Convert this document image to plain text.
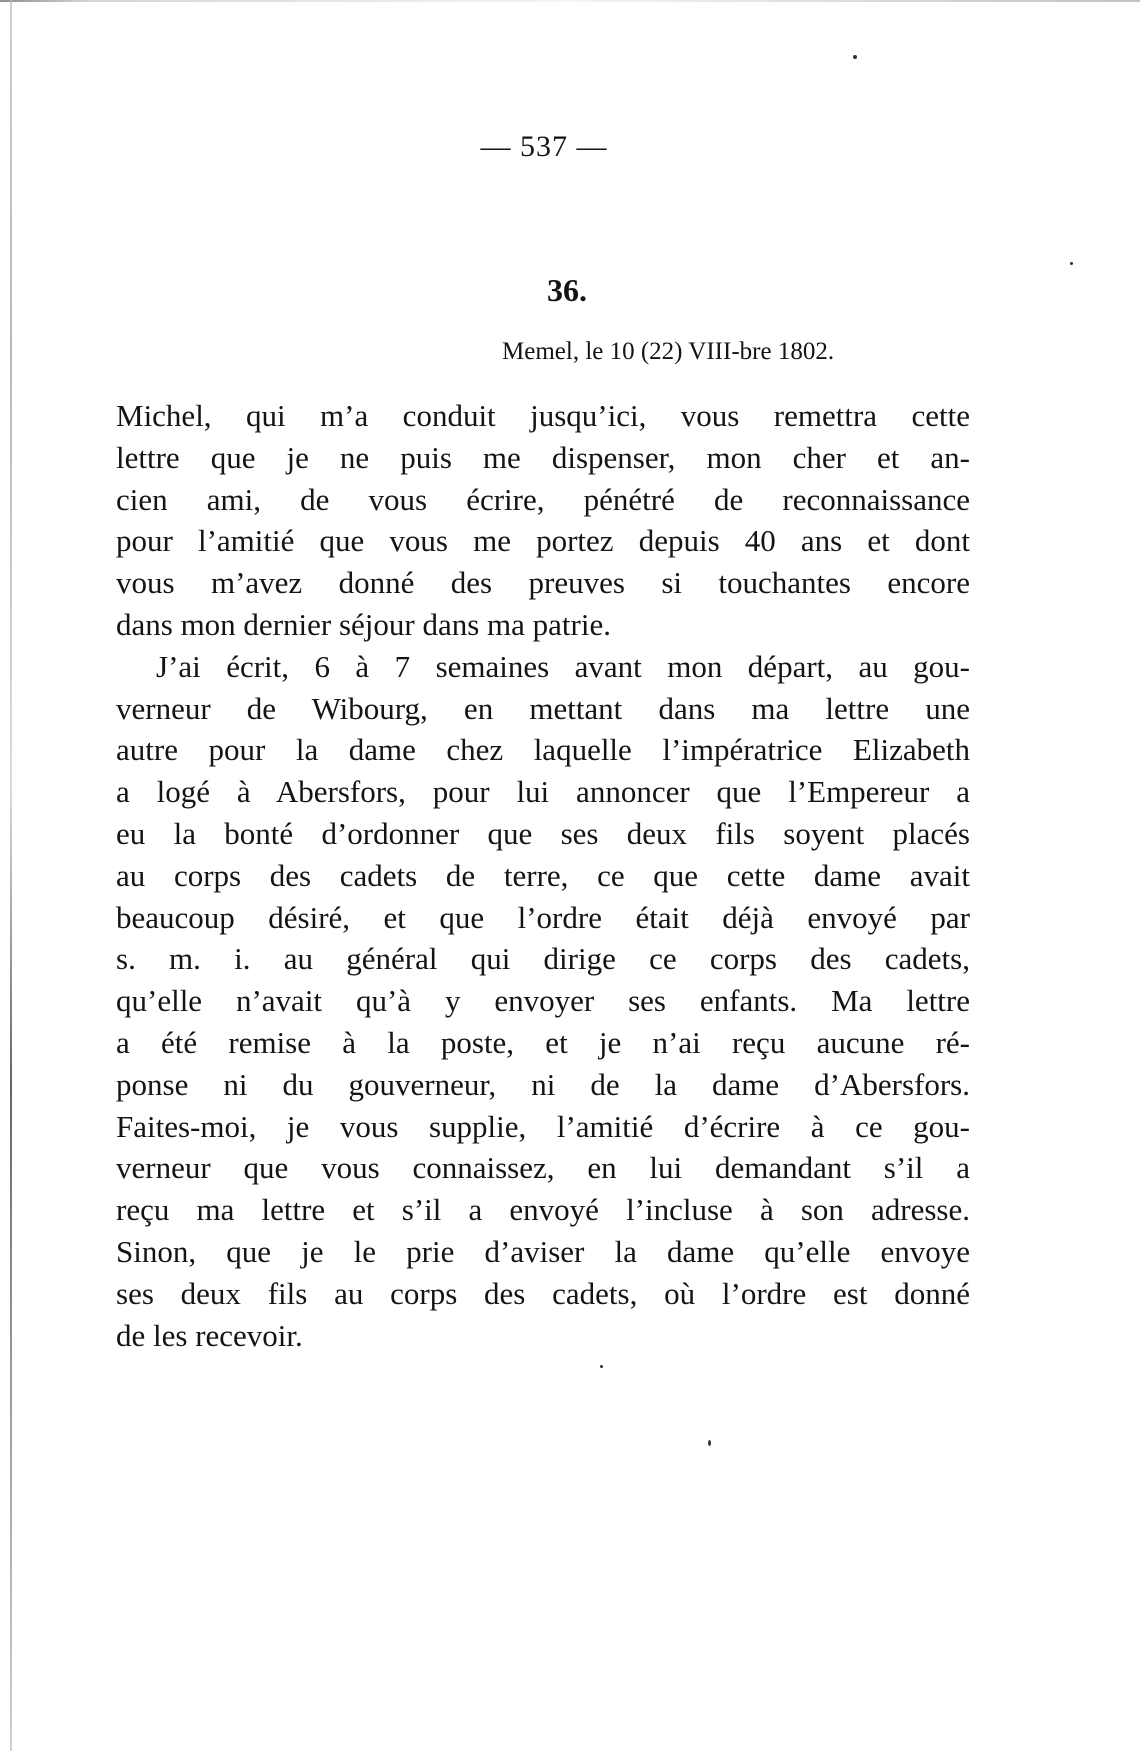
— 537 —
36.
Memel, le 10 (22) VIII-bre 1802.
Michel, qui m’a conduit jusqu’ici, vous remettra cette
lettre que je ne puis me dispenser, mon cher et an-
cien ami, de vous écrire, pénétré de reconnaissance
pour l’amitié que vous me portez depuis 40 ans et dont
vous m’avez donné des preuves si touchantes encore
dans mon dernier séjour dans ma patrie.
J’ai écrit, 6 à 7 semaines avant mon départ, au gou-
verneur de Wibourg, en mettant dans ma lettre une
autre pour la dame chez laquelle l’impératrice Elizabeth
a logé à Abersfors, pour lui annoncer que l’Empereur a
eu la bonté d’ordonner que ses deux fils soyent placés
au corps des cadets de terre, ce que cette dame avait
beaucoup désiré, et que l’ordre était déjà envoyé par
s. m. i. au général qui dirige ce corps des cadets,
qu’elle n’avait qu’à y envoyer ses enfants. Ma lettre
a été remise à la poste, et je n’ai reçu aucune ré-
ponse ni du gouverneur, ni de la dame d’Abersfors.
Faites-moi, je vous supplie, l’amitié d’écrire à ce gou-
verneur que vous connaissez, en lui demandant s’il a
reçu ma lettre et s’il a envoyé l’incluse à son adresse.
Sinon, que je le prie d’aviser la dame qu’elle envoye
ses deux fils au corps des cadets, où l’ordre est donné
de les recevoir.
